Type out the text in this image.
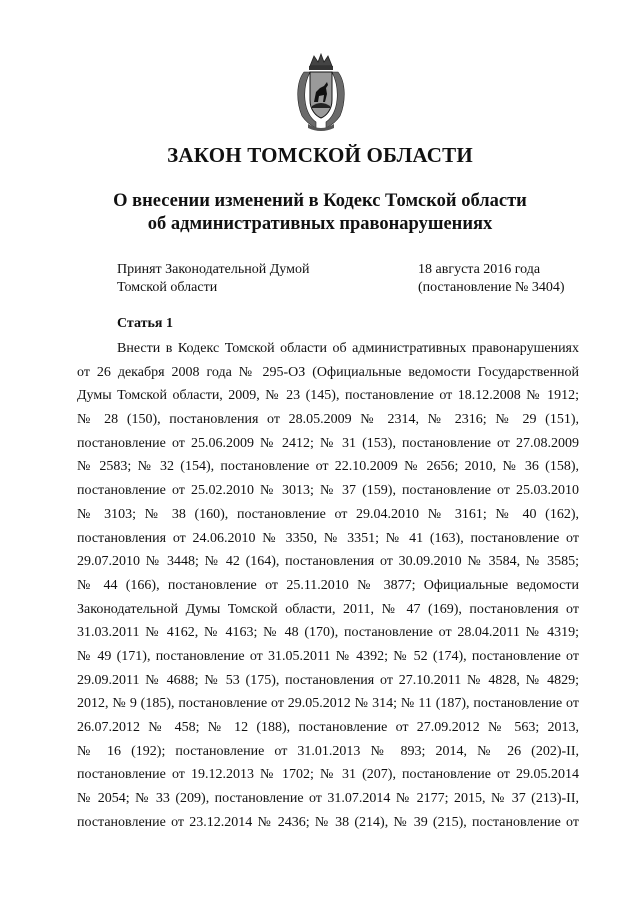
ЗАКОН ТОМСКОЙ ОБЛАСТИ
О внесении изменений в Кодекс Томской области
об административных правонарушениях
Принят Законодательной Думой
Томской области
18 августа 2016 года
(постановление № 3404)
Статья 1
Внести в Кодекс Томской области об административных правонарушениях
от 26 декабря 2008 года № 295-ОЗ (Официальные ведомости Государственной
Думы Томской области, 2009, № 23 (145), постановление от 18.12.2008 № 1912;
№ 28 (150), постановления от 28.05.2009 № 2314, № 2316; № 29 (151),
постановление от 25.06.2009 № 2412; № 31 (153), постановление от 27.08.2009
№ 2583; № 32 (154), постановление от 22.10.2009 № 2656; 2010, № 36 (158),
постановление от 25.02.2010 № 3013; № 37 (159), постановление от 25.03.2010
№ 3103; № 38 (160), постановление от 29.04.2010 № 3161; № 40 (162),
постановления от 24.06.2010 № 3350, № 3351; № 41 (163), постановление от
29.07.2010 № 3448; № 42 (164), постановления от 30.09.2010 № 3584, № 3585;
№ 44 (166), постановление от 25.11.2010 № 3877; Официальные ведомости
Законодательной Думы Томской области, 2011, № 47 (169), постановления от
31.03.2011 № 4162, № 4163; № 48 (170), постановление от 28.04.2011 № 4319;
№ 49 (171), постановление от 31.05.2011 № 4392; № 52 (174), постановление от
29.09.2011 № 4688; № 53 (175), постановления от 27.10.2011 № 4828, № 4829;
2012, № 9 (185), постановление от 29.05.2012 № 314; № 11 (187), постановление от
26.07.2012 № 458; № 12 (188), постановление от 27.09.2012 № 563; 2013,
№ 16 (192); постановление от 31.01.2013 № 893; 2014, № 26 (202)-II,
постановление от 19.12.2013 № 1702; № 31 (207), постановление от 29.05.2014
№ 2054; № 33 (209), постановление от 31.07.2014 № 2177; 2015, № 37 (213)-II,
постановление от 23.12.2014 № 2436; № 38 (214), № 39 (215), постановление от
